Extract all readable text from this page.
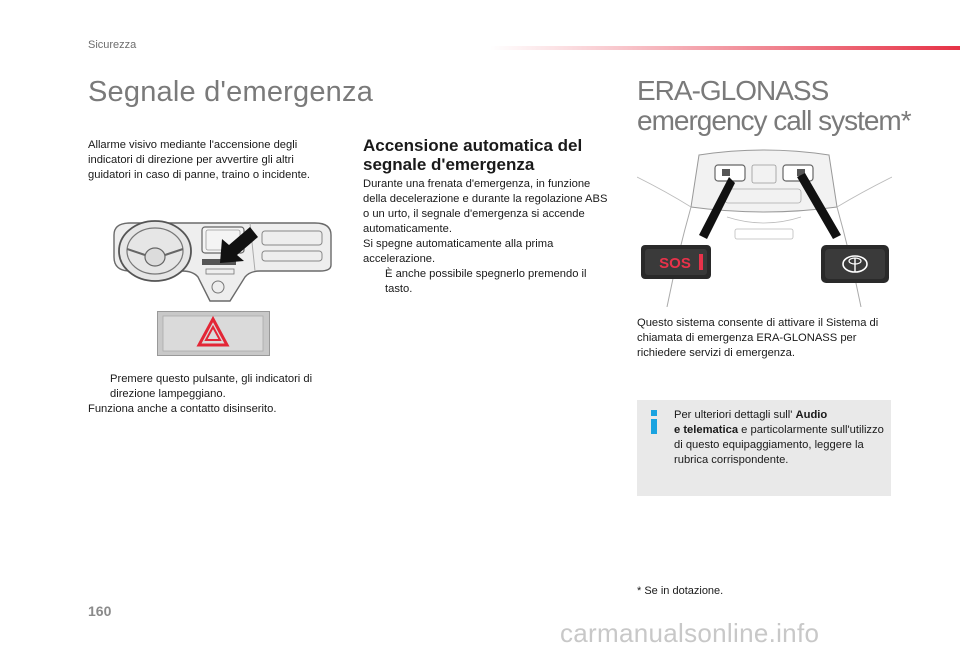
Sicurezza
Segnale d'emergenza
Allarme visivo mediante l'accensione degli indicatori di direzione per avvertire gli altri guidatori in caso di panne, traino o incidente.
Premere questo pulsante, gli indicatori di direzione lampeggiano.
Funziona anche a contatto disinserito.
Accensione automatica del segnale d'emergenza
Durante una frenata d'emergenza, in funzione della decelerazione e durante la regolazione ABS o un urto, il segnale d'emergenza si accende automaticamente.
Si spegne automaticamente alla prima accelerazione.
È anche possibile spegnerlo premendo il tasto.
ERA-GLONASS
emergency call system*
SOS
Questo sistema consente di attivare il Sistema di chiamata di emergenza ERA-GLONASS per richiedere servizi di emergenza.
Per ulteriori dettagli sull' Audio
e telematica e particolarmente sull'utilizzo di questo equipaggiamento, leggere la rubrica corrispondente.
* Se in dotazione.
160
carmanualsonline.info
